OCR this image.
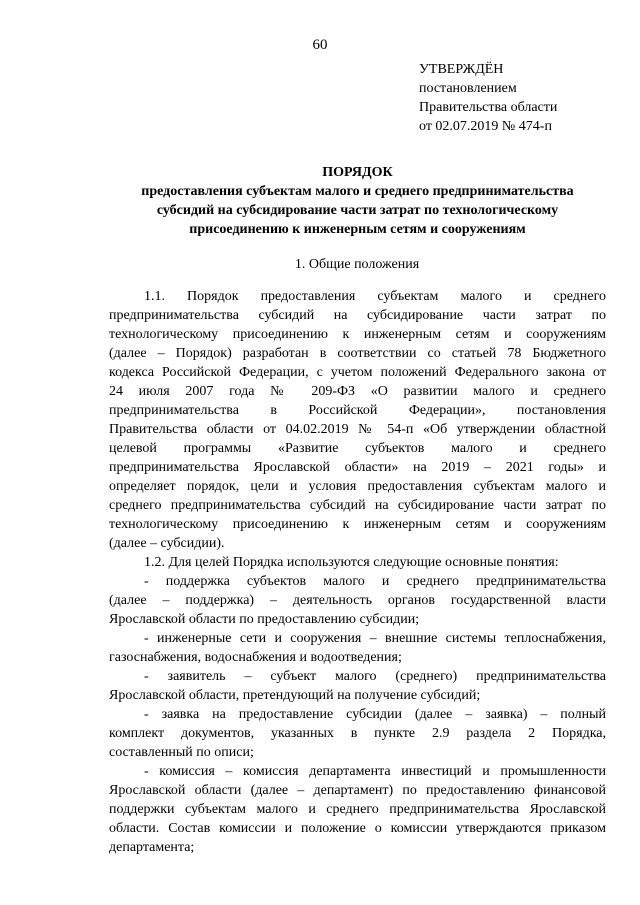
60
УТВЕРЖДЁН
постановлением
Правительства области
от 02.07.2019 № 474-п
ПОРЯДОК
предоставления субъектам малого и среднего предпринимательства
субсидий на субсидирование части затрат по технологическому
присоединению к инженерным сетям и сооружениям
1. Общие положения
1.1. Порядок предоставления субъектам малого и среднего
предпринимательства субсидий на субсидирование части затрат по
технологическому присоединению к инженерным сетям и сооружениям
(далее – Порядок) разработан в соответствии со статьей 78 Бюджетного
кодекса Российской Федерации, с учетом положений Федерального закона от
24 июля 2007 года № 209-ФЗ «О развитии малого и среднего
предпринимательства в Российской Федерации», постановления
Правительства области от 04.02.2019 № 54-п «Об утверждении областной
целевой программы «Развитие субъектов малого и среднего
предпринимательства Ярославской области» на 2019 – 2021 годы» и
определяет порядок, цели и условия предоставления субъектам малого и
среднего предпринимательства субсидий на субсидирование части затрат по
технологическому присоединению к инженерным сетям и сооружениям
(далее – субсидии).
1.2. Для целей Порядка используются следующие основные понятия:
- поддержка субъектов малого и среднего предпринимательства
(далее – поддержка) – деятельность органов государственной власти
Ярославской области по предоставлению субсидии;
- инженерные сети и сооружения – внешние системы теплоснабжения,
газоснабжения, водоснабжения и водоотведения;
- заявитель – субъект малого (среднего) предпринимательства
Ярославской области, претендующий на получение субсидий;
- заявка на предоставление субсидии (далее – заявка) – полный
комплект документов, указанных в пункте 2.9 раздела 2 Порядка,
составленный по описи;
- комиссия – комиссия департамента инвестиций и промышленности
Ярославской области (далее – департамент) по предоставлению финансовой
поддержки субъектам малого и среднего предпринимательства Ярославской
области. Состав комиссии и положение о комиссии утверждаются приказом
департамента;
